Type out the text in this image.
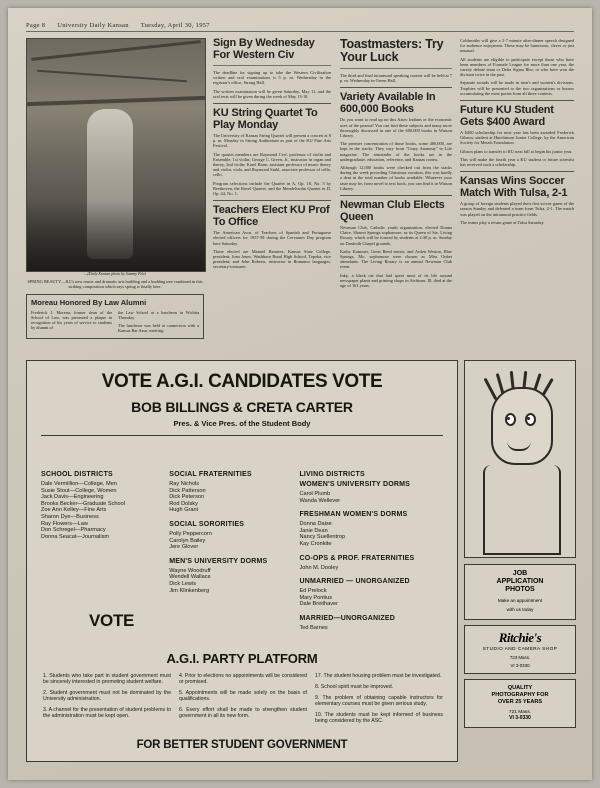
Page 8 University Daily Kansan Tuesday, April 30, 1957
—(Daily Kansan photo by Sammy Pelz)
SPRING BEAUTY—KU's new music and dramatic arts building and a budding tree combined in this striking composition which says spring is finally here.
Moreau Honored By Law Alumni

Frederick J. Moreau, former dean of the School of Law, was presented a plaque in recognition of his years of service to students by alumni of

the Law School at a luncheon in Wichita Thursday.

The luncheon was held in connection with a Kansas Bar Assn. meeting.

Sign By Wednesday For Western Civ

The deadline for signing up to take the Western Civilization written and oral examinations is 5 p. m. Wednesday in the registrar's office, Strong Hall.

The written examination will be given Saturday, May 11, and the oral tests will be given during the week of May 13-18.

KU String Quartet To Play Monday

The University of Kansas String Quartet will present a concert at 8 p. m. Monday in Strong Auditorium as part of the KU Fine Arts Festival.

The quartet members are Raymond Cerf, professor of violin and Ensemble, 1st violin; George C. Green, Jr., instructor in organ and theory, 2nd violin; Karel Biase, assistant professor of music theory and violin, viola, and Raymond Stuhl, associate professor of cello, cello.

Program selections include the Quartet in A, Op. 18, No. 5 by Beethoven, the Ravel Quartet, and the Mendelssohn Quartet in D, Op. 44, No. 1.

Teachers Elect KU Prof To Office

The American Assn. of Teachers of Spanish and Portuguese elected officers for 1957-58 during the Cervantes Day program here Saturday.

Those elected are Manuel Ramirez, Kansas State College, president; Joan Jones, Washburn Rural High School, Topeka, vice president; and John Roberts, instructor in Romance languages, secretary-treasurer.

Toastmasters: Try Your Luck

The third and final intramural speaking contest will be held at 7 p. m. Wednesday in Green Hall.

Variety Available In 600,000 Books

Do you want to read up on this Aztec Indians or the economic uses of the peanut? You can find these subjects and many more thoroughly discussed in one of the 600,000 books in Watson Library.

The premier concentration of those books, some 400,000, are kept in the stacks. They vary from "Crazy Anatomy" to Life magazine. The remainder of the books are in the undergraduate, education, reference, and Kansas rooms.

Although 12,000 books were checked out from the stacks during the week preceding Christmas vacation, this was hardly a dent in the total number of books available. Whatever your taste may be, from novel to text book, you can find it in Watson Library.

Newman Club Elects Queen

Newman Club, Catholic youth organization, elected Donna Claire, Sharon Springs sophomore, as its Queen of Ste. Living Rosary, which will be formed by students at 2:30 p. m. Sunday on Danforth Chapel grounds.

Kathy Kummer, Great Bend senior, and Arden Weston, Blue Springs, Mo. sophomore were chosen as Miss Oubet attendants. The Living Rosary is an annual Newman Club event.

Inky, a black cat that had spent most of its life around newspaper plants and printing shops in Atchison, Ill, died at the age of 161 years.

Coldsmiths will give a 5-7 minute after-dinner speech designed for audience enjoyment. These may be humorous, clever or just unusual.

All students are eligible to participate except those who have been members of Formale League for more than one year, the varsity debate team or Delta Sigma Rho, or who have won the division twice in the past.

Separate awards will be made in men's and women's divisions. Trophies will be presented to the two organizations or houses accumulating the most points from all three contests.

Future KU Student Gets $400 Award

A $400 scholarship for next year has been awarded Frederick Gibson, student at Hutchinson Junior College, by the American Society for Metals Foundation.

Gibson plans to transfer to KU next fall to begin his junior year.

This will make the fourth year a KU student or future scientist has received such a scholarship.

Kansas Wins Soccer Match With Tulsa, 2-1

A group of foreign students played their first soccer game of the season Sunday and defeated a team from Tulsa, 2-1. The match was played on the intramural practice fields.

The teams play a return game at Tulsa Saturday.

VOTE A.G.I. CANDIDATES VOTE
BOB BILLINGS & CRETA CARTER
Pres. & Vice Pres. of the Student Body
SCHOOL DISTRICTS
Dale Vermillion—College, Men
Susie Stout—College, Women
Jack Davis—Engineering
Brooks Becker—Graduate School
Zoe Ann Kelley—Fine Arts
Sharon Dye—Business
Ray Flowers—Law
Don Schregel—Pharmacy
Donna Seacat—Journalism
SOCIAL FRATERNITIES
Ray Nichols
Dick Patterson
Dick Peterson
Rod Dolsky
Hugh Grant
SOCIAL SORORITIES
Polly Peppercorn
Carolyn Bailey
Jere Glover
MEN'S UNIVERSITY DORMS
Wayne Woodruff
Wendell Wallace
Dick Lewis
Jim Klinkenberg
LIVING DISTRICTS
WOMEN'S UNIVERSITY DORMS
Carol Plumb
Wanda Wellever
FRESHMAN WOMEN'S DORMS
Donna Daise
Janie Dean
Nancy Suellentrop
Kay Cronkite
CO-OPS & PROF. FRATERNITIES
John M. Dooley
UNMARRIED — UNORGANIZED
Ed Prelock
Mary Pontius
Dale Breithaver
MARRIED—UNORGANIZED
Ted Barnes
VOTE
A.G.I. PARTY PLATFORM

1. Students who take part in student government must be sincerely interested in promoting student welfare.

2. Student government must not be dominated by the University administration.

3. A channel for the presentation of student problems to the administration must be kept open.

4. Prior to elections no appointments will be considered or promised.

5. Appointments will be made solely on the basis of qualifications.

6. Every effort shall be made to strengthen student government in all its new form.

17. The student housing problem must be investigated.

8. School spirit must be improved.

9. The problem of obtaining capable instructors for elementary courses must be given serious study.

10. The students must be kept informed of business being considered by the ASC.

FOR BETTER STUDENT GOVERNMENT
JOB
APPLICATION
PHOTOS
Make an appointment
with us today
Ritchie's
STUDIO AND CAMERA SHOP
723 Mass.
VI 3-0330
QUALITY
PHOTOGRAPHY FOR
OVER 25 YEARS
721 Mass.
VI 3-0330
